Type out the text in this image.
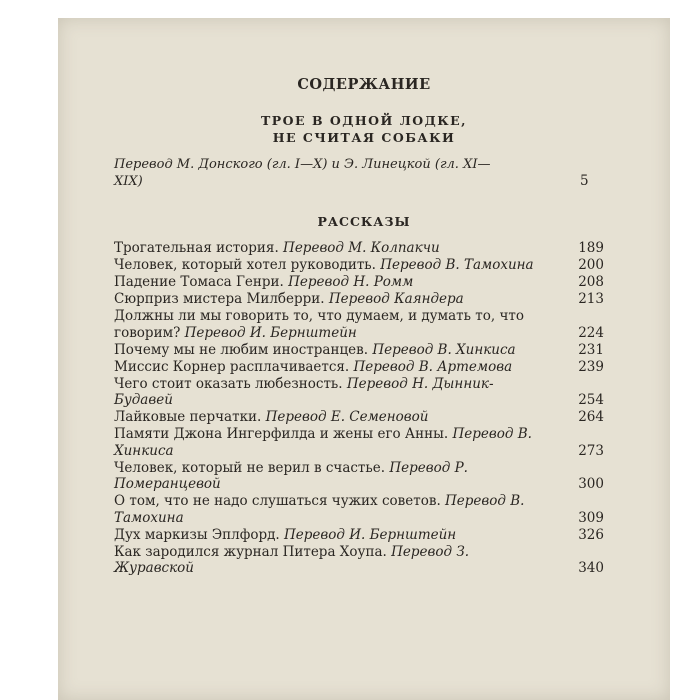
СОДЕРЖАНИЕ
ТРОЕ В ОДНОЙ ЛОДКЕ,
НЕ СЧИТАЯ СОБАКИ
Перевод М. Донского (гл. I—X) и Э. Линецкой (гл. XI—XIX)	5
РАССКАЗЫ
Трогательная история. Перевод М. Колпакчи	189
Человек, который хотел руководить. Перевод В. Тамохина	200
Падение Томаса Генри. Перевод Н. Ромм	208
Сюрприз мистера Милберри. Перевод Каяндера	213
Должны ли мы говорить то, что думаем, и думать то, что говорим? Перевод И. Бернштейн	224
Почему мы не любим иностранцев. Перевод В. Хинкиса	231
Миссис Корнер расплачивается. Перевод В. Артемова	239
Чего стоит оказать любезность. Перевод Н. Дынник-Будавей	254
Лайковые перчатки. Перевод Е. Семеновой	264
Памяти Джона Ингерфилда и жены его Анны. Перевод В. Хинкиса	273
Человек, который не верил в счастье. Перевод Р. Померанцевой	300
О том, что не надо слушаться чужих советов. Перевод В. Тамохина	309
Дух маркизы Эплфорд. Перевод И. Бернштейн	326
Как зародился журнал Питера Хоупа. Перевод З. Журавской	340
